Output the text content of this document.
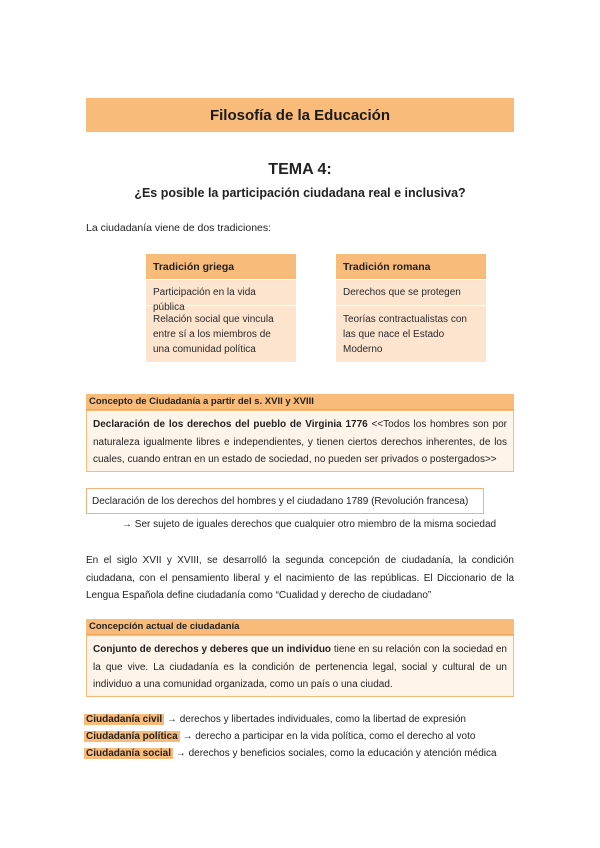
Filosofía de la Educación
TEMA 4:
¿Es posible la participación ciudadana real e inclusiva?
La ciudadanía viene de dos tradiciones:
Tradición griega
Participación en la vida pública
Relación social que vincula entre sí a los miembros de una comunidad política
Tradición romana
Derechos que se protegen
Teorías contractualistas con las que nace el Estado Moderno
Concepto de Ciudadanía a partir del s. XVII y XVIII
Declaración de los derechos del pueblo de Virginia 1776 <<Todos los hombres son por naturaleza igualmente libres e independientes, y tienen ciertos derechos inherentes, de los cuales, cuando entran en un estado de sociedad, no pueden ser privados o postergados>>
Declaración de los derechos del hombres y el ciudadano 1789 (Revolución francesa)
→ Ser sujeto de iguales derechos que cualquier otro miembro de la misma sociedad
En el siglo XVII y XVIII, se desarrolló la segunda concepción de ciudadanía, la condición ciudadana, con el pensamiento liberal y el nacimiento de las repúblicas. El Diccionario de la Lengua Española define ciudadanía como “Cualidad y derecho de ciudadano”
Concepción actual de ciudadanía
Conjunto de derechos y deberes que un individuo tiene en su relación con la sociedad en la que vive. La ciudadanía es la condición de pertenencia legal, social y cultural de un individuo a una comunidad organizada, como un país o una ciudad.
Ciudadanía civil → derechos y libertades individuales, como la libertad de expresión
Ciudadanía política → derecho a participar en la vida política, como el derecho al voto
Ciudadanía social → derechos y beneficios sociales, como la educación y atención médica
